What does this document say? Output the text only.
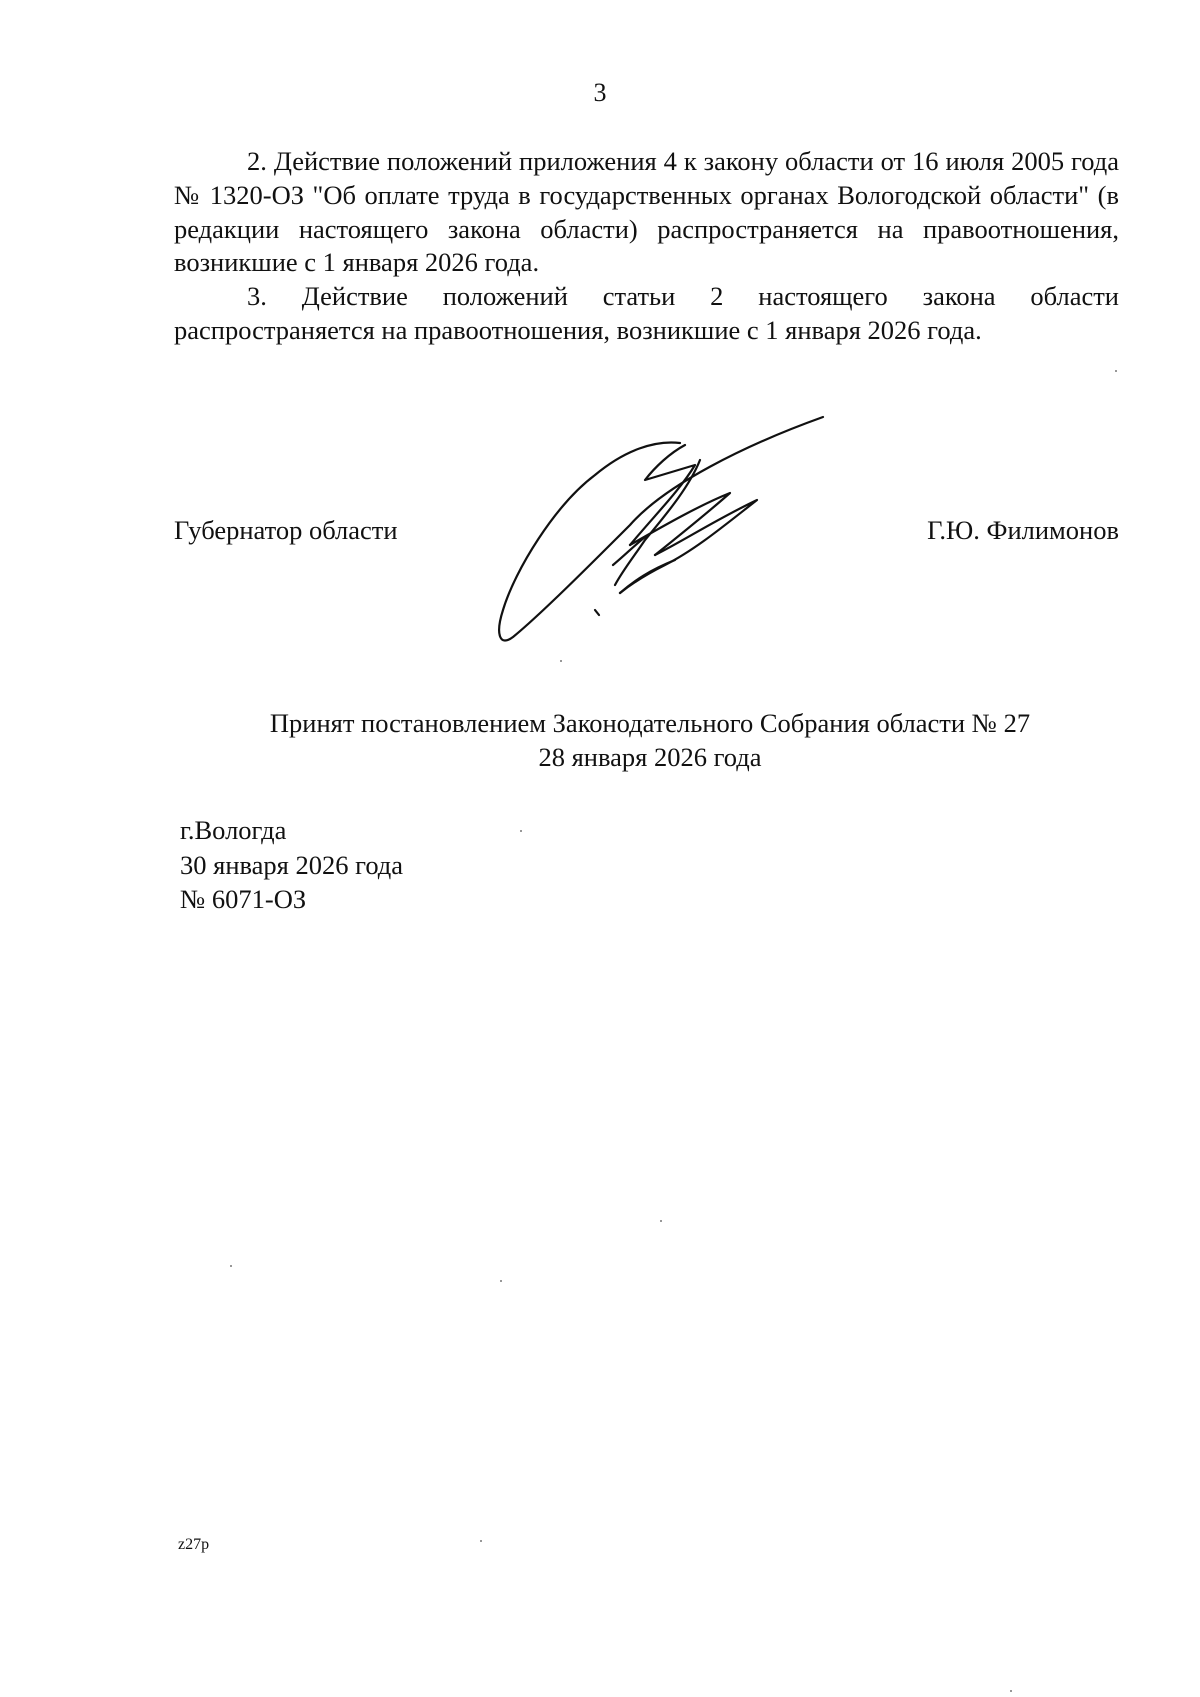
3

2. Действие положений приложения 4 к закону области от 16 июля 2005 года № 1320-ОЗ "Об оплате труда в государственных органах Вологодской области" (в редакции настоящего закона области) распространяется на правоотношения, возникшие с 1 января 2026 года.

3. Действие положений статьи 2 настоящего закона области распространяется на правоотношения, возникшие с 1 января 2026 года.

Губернатор области	Г.Ю. Филимонов
Принят постановлением Законодательного Собрания области № 27
28 января 2026 года
г.Вологда
30 января 2026 года
№ 6071-ОЗ
z27p
